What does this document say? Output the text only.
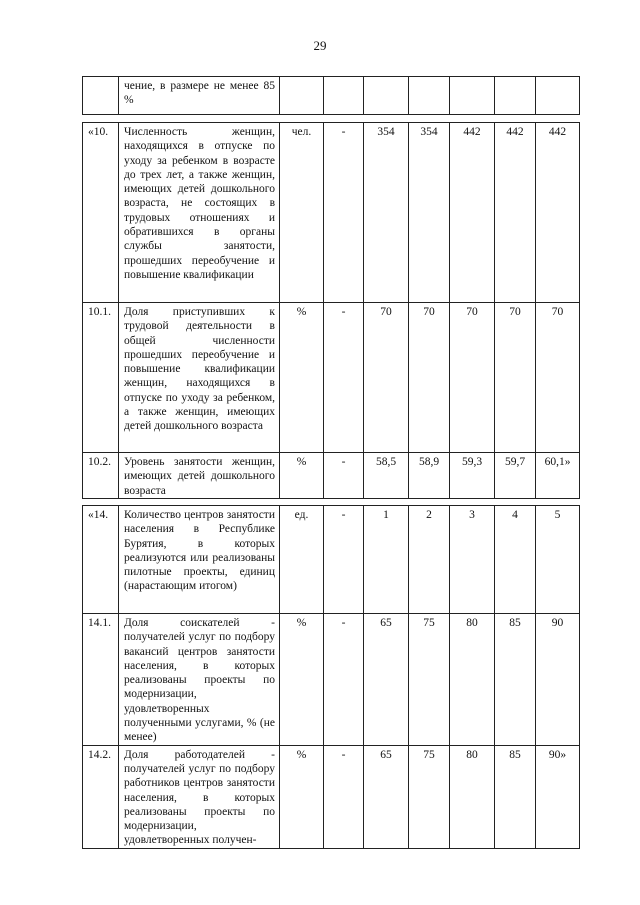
29
	чение, в размере не менее 85 %							
«10.	Численность женщин, находящихся в отпуске по уходу за ребенком в возрасте до трех лет, а также женщин, имеющих детей дошкольного возраста, не состоящих в трудовых отношениях и обратившихся в органы службы занятости, прошедших переобучение и повышение квалификации	чел.	-	354	354	442	442	442
10.1.	Доля приступивших к трудовой деятельности в общей численности прошедших переобучение и повышение квалификации женщин, находящихся в отпуске по уходу за ребенком, а также женщин, имеющих детей дошкольного возраста	%	-	70	70	70	70	70
10.2.	Уровень занятости женщин, имеющих детей дошкольного возраста	%	-	58,5	58,9	59,3	59,7	60,1»
«14.	Количество центров занятости населения в Республике Бурятия, в которых реализуются или реализованы пилотные проекты, единиц (нарастающим итогом)	ед.	-	1	2	3	4	5
14.1.	Доля соискателей - получателей услуг по подбору вакансий центров занятости населения, в которых реализованы проекты по модернизации, удовлетворенных полученными услугами, % (не менее)	%	-	65	75	80	85	90
14.2.	Доля работодателей - получателей услуг по подбору работников центров занятости населения, в которых реализованы проекты по модернизации, удовлетворенных получен-	%	-	65	75	80	85	90»
